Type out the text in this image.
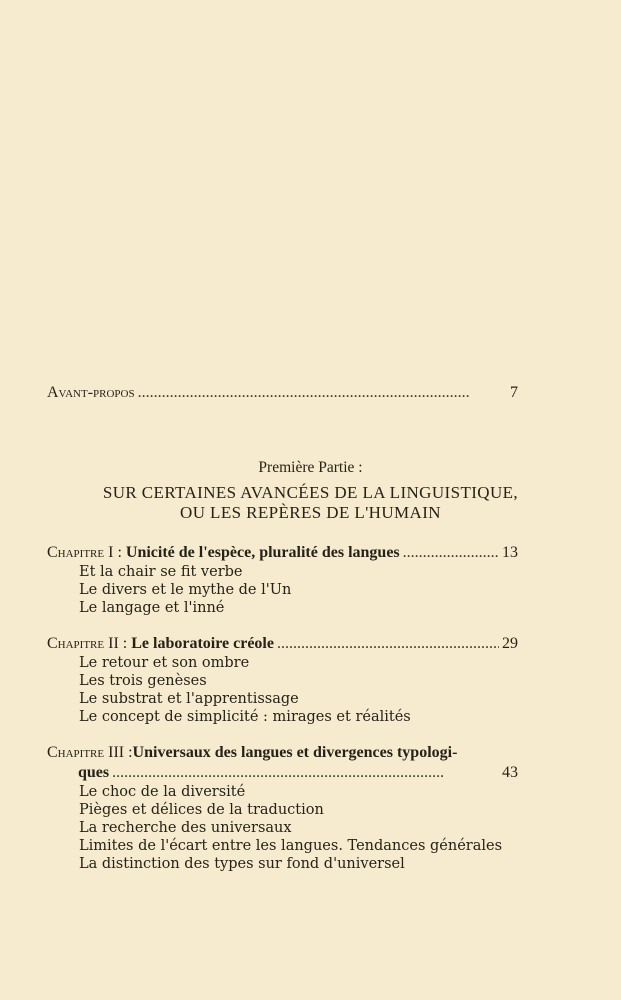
Avant-propos . . .	7
Première Partie :
SUR CERTAINES AVANCÉES DE LA LINGUISTIQUE,
OU LES REPÈRES DE L'HUMAIN
Chapitre I : Unicité de l'espèce, pluralité des langues . . .	13
Et la chair se fit verbe
Le divers et le mythe de l'Un
Le langage et l'inné
Chapitre II : Le laboratoire créole . . .	29
Le retour et son ombre
Les trois genèses
Le substrat et l'apprentissage
Le concept de simplicité : mirages et réalités
Chapitre III : Universaux des langues et divergences typologi-
ques . . .	43
Le choc de la diversité
Pièges et délices de la traduction
La recherche des universaux
Limites de l'écart entre les langues. Tendances générales
La distinction des types sur fond d'universel
